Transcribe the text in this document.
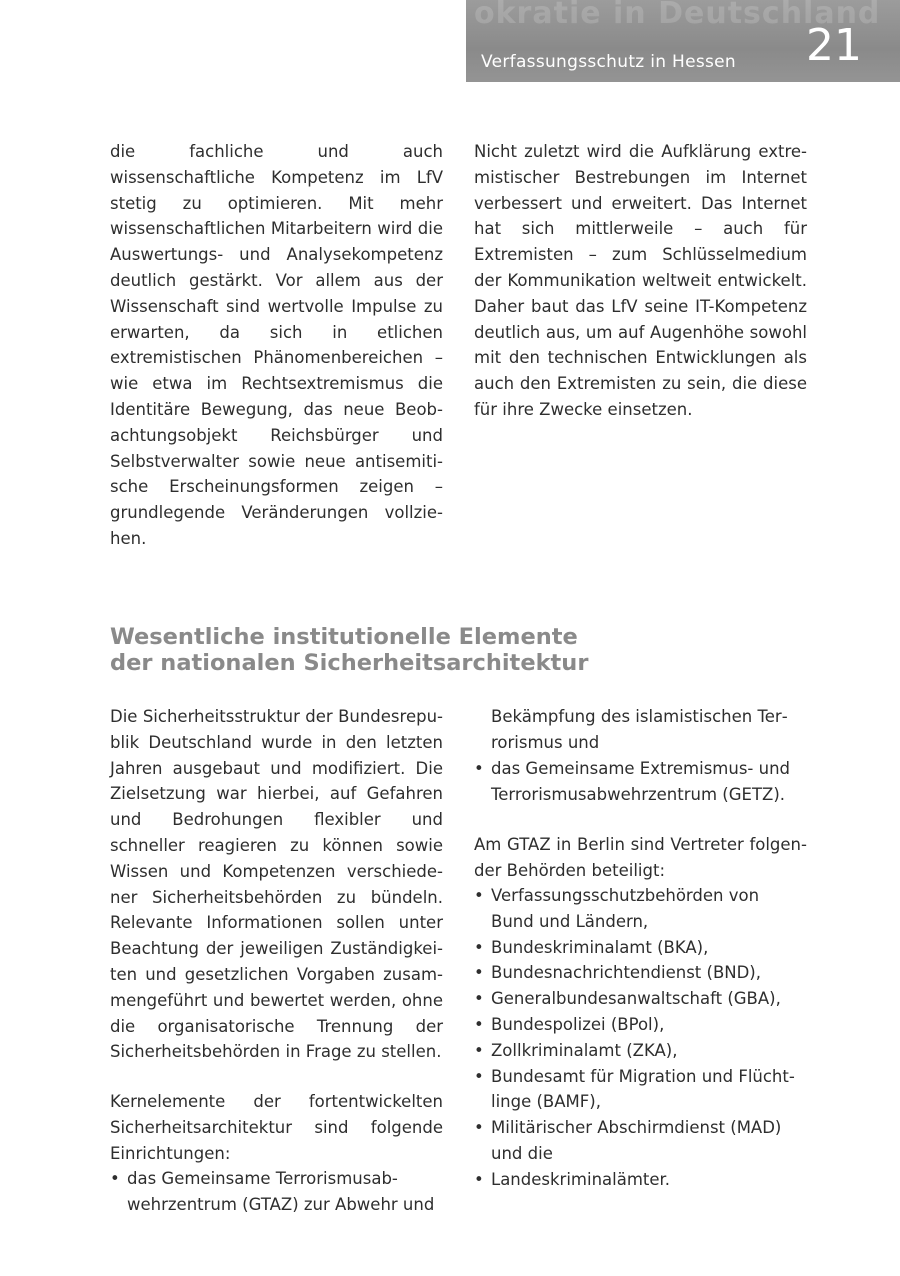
okratie in Deutschland
Verfassungsschutz in Hessen 21

die fachliche und auch wissenschaftliche Kompetenz im LfV stetig zu optimieren. Mit mehr wissenschaftlichen Mitarbeitern wird die Auswertungs- und Analysekompetenz deutlich gestärkt. Vor allem aus der Wissenschaft sind wertvolle Impulse zu erwarten, da sich in etlichen extremistischen Phänomenbereichen – wie etwa im Rechtsextremismus die Identitäre Bewegung, das neue Beobachtungsobjekt Reichsbürger und Selbstverwalter sowie neue antisemitische Erscheinungsformen zeigen – grundlegende Veränderungen vollziehen.

Nicht zuletzt wird die Aufklärung extremistischer Bestrebungen im Internet verbessert und erweitert. Das Internet hat sich mittlerweile – auch für Extremisten – zum Schlüsselmedium der Kommunikation weltweit entwickelt. Daher baut das LfV seine IT-Kompetenz deutlich aus, um auf Augenhöhe sowohl mit den technischen Entwicklungen als auch den Extremisten zu sein, die diese für ihre Zwecke einsetzen.

Wesentliche institutionelle Elemente
der nationalen Sicherheitsarchitektur

Die Sicherheitsstruktur der Bundesrepublik Deutschland wurde in den letzten Jahren ausgebaut und modifiziert. Die Zielsetzung war hierbei, auf Gefahren und Bedrohungen flexibler und schneller reagieren zu können sowie Wissen und Kompetenzen verschiedener Sicherheitsbehörden zu bündeln. Relevante Informationen sollen unter Beachtung der jeweiligen Zuständigkeiten und gesetzlichen Vorgaben zusammengeführt und bewertet werden, ohne die organisatorische Trennung der Sicherheitsbehörden in Frage zu stellen.

Kernelemente der fortentwickelten Sicherheitsarchitektur sind folgende Einrichtungen:

• das Gemeinsame Terrorismusabwehrzentrum (GTAZ) zur Abwehr und

Bekämpfung des islamistischen Terrorismus und

• das Gemeinsame Extremismus- und Terrorismusabwehrzentrum (GETZ).

Am GTAZ in Berlin sind Vertreter folgender Behörden beteiligt:

• Verfassungsschutzbehörden von Bund und Ländern,
• Bundeskriminalamt (BKA),
• Bundesnachrichtendienst (BND),
• Generalbundesanwaltschaft (GBA),
• Bundespolizei (BPol),
• Zollkriminalamt (ZKA),
• Bundesamt für Migration und Flüchtlinge (BAMF),
• Militärischer Abschirmdienst (MAD) und die
• Landeskriminalämter.
